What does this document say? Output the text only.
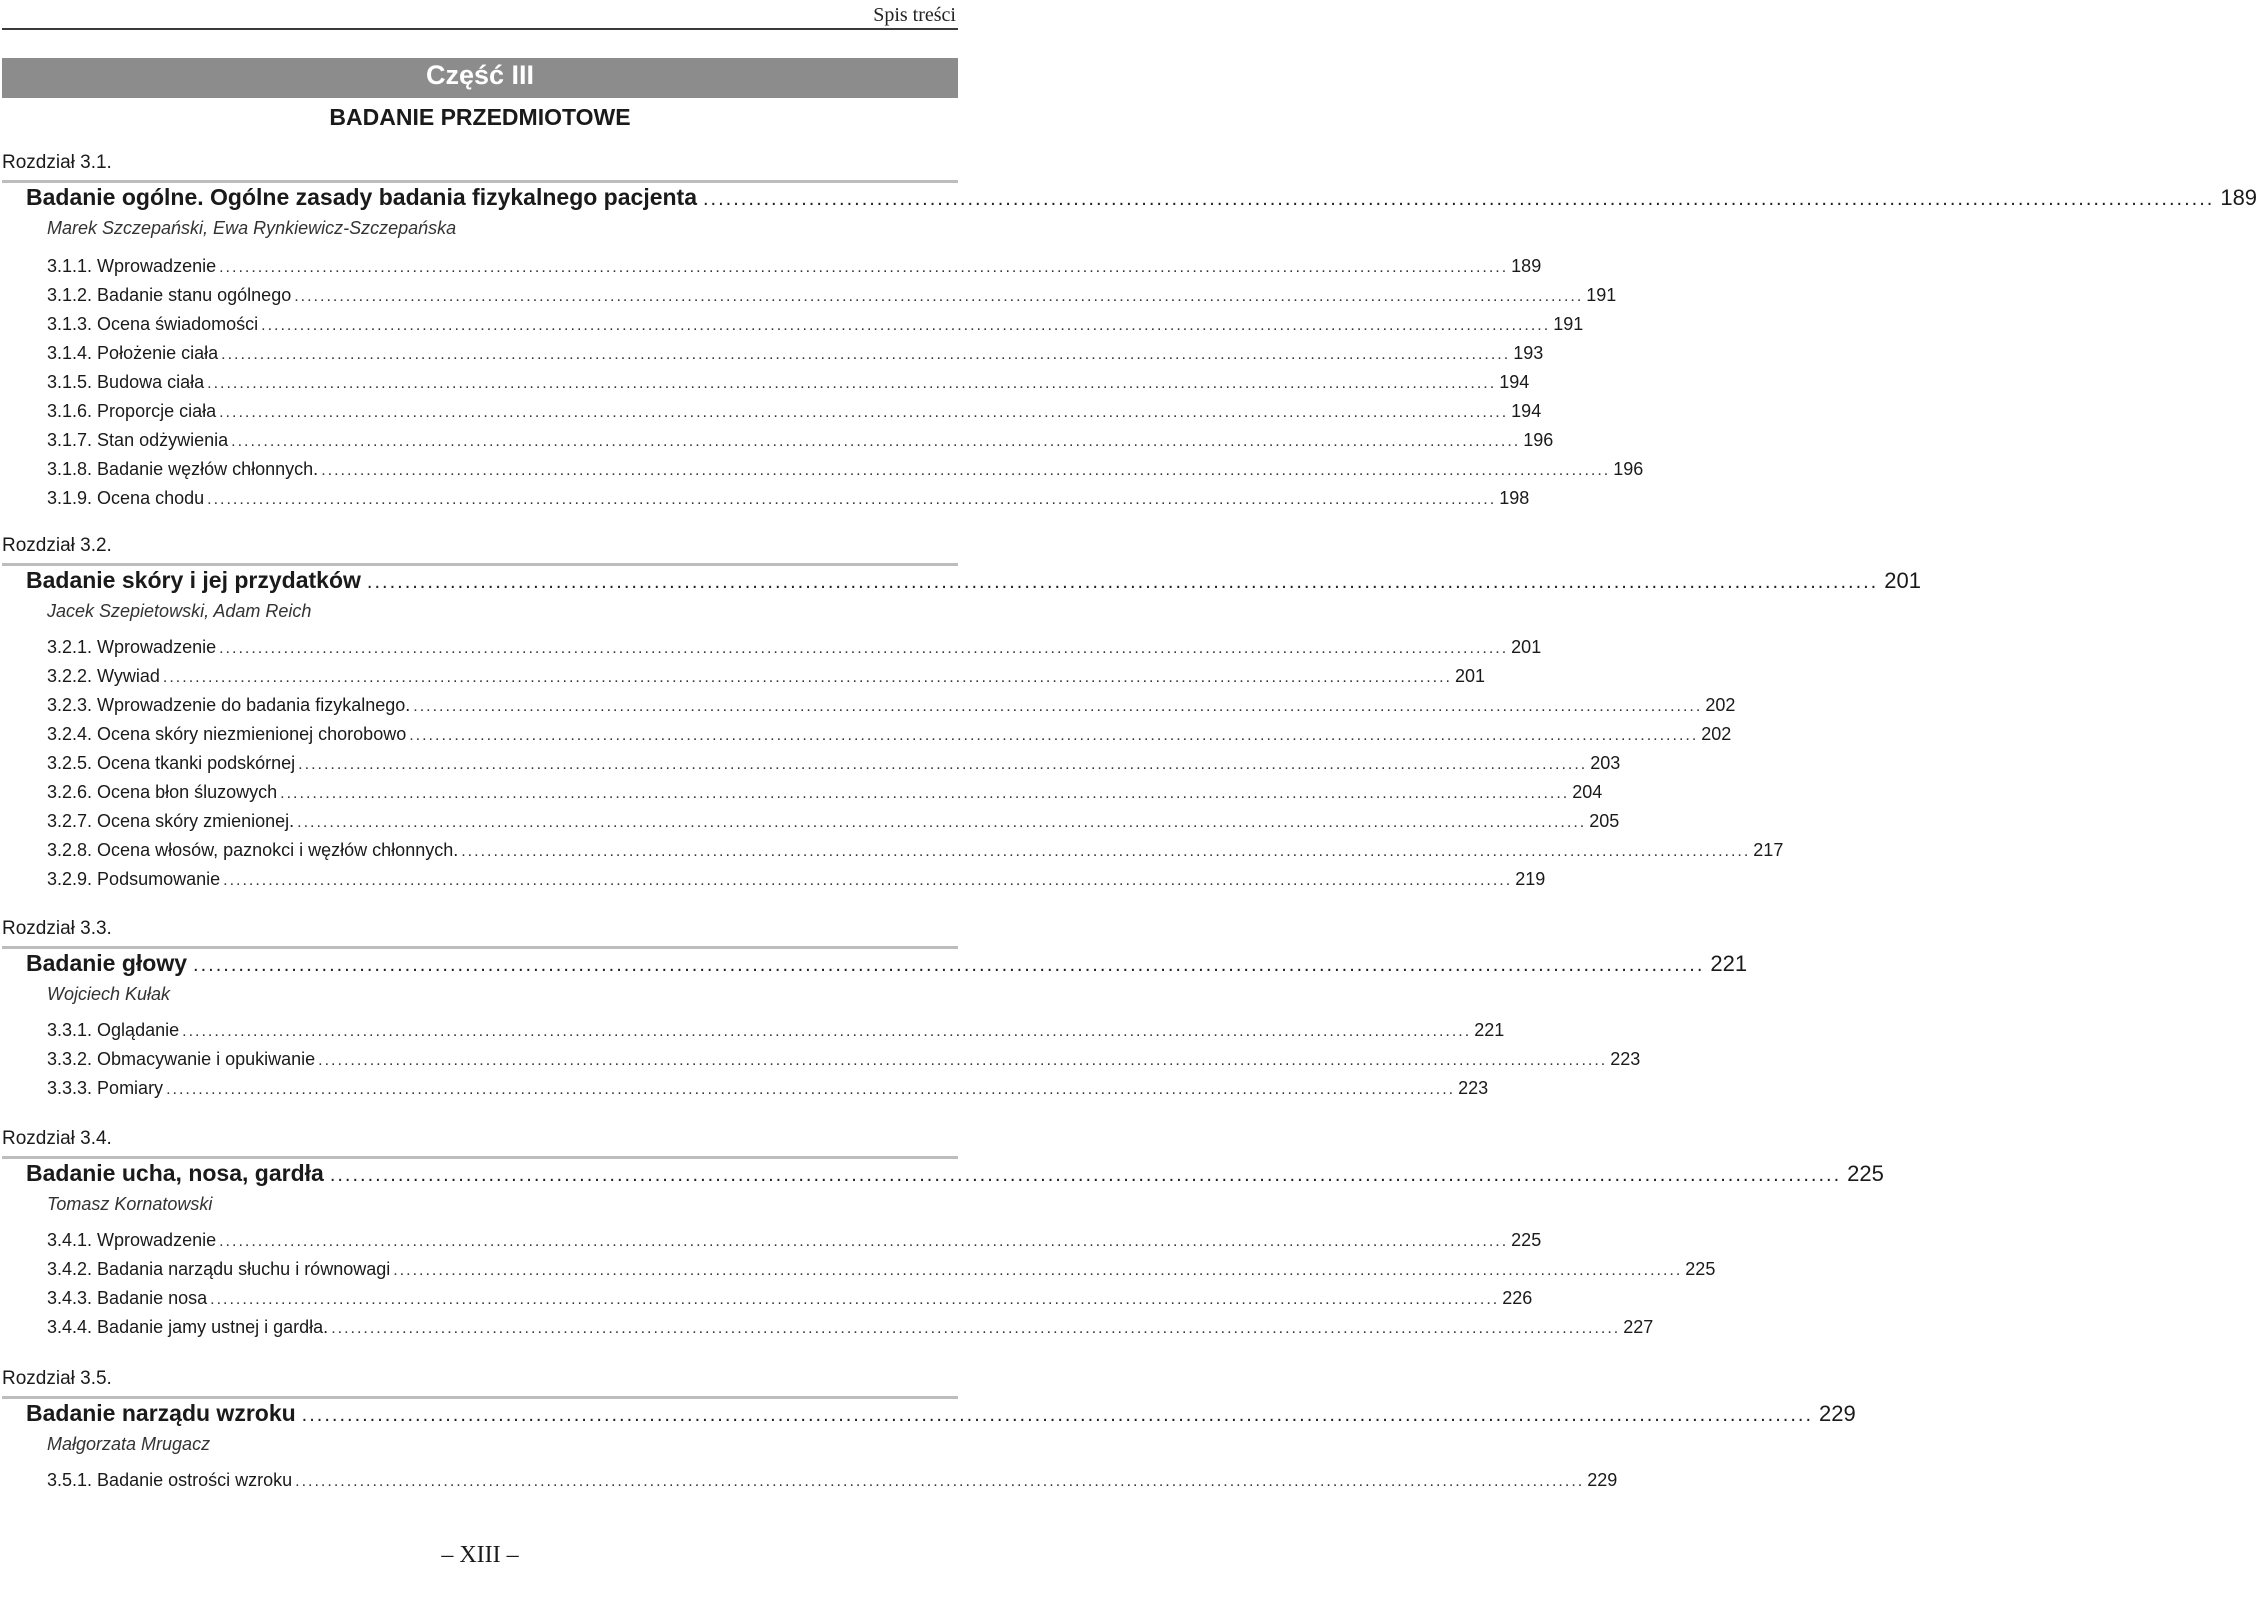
Spis treści
Część III
BADANIE PRZEDMIOTOWE
Rozdział 3.1.
Badanie ogólne. Ogólne zasady badania fizykalnego pacjenta ........................................................................................................................................................................................................ 189
Marek Szczepański, Ewa Rynkiewicz-Szczepańska
3.1.1. Wprowadzenie ........................................................................................................................................................................................................ 189
3.1.2. Badanie stanu ogólnego ........................................................................................................................................................................................................ 191
3.1.3. Ocena świadomości ........................................................................................................................................................................................................ 191
3.1.4. Położenie ciała ........................................................................................................................................................................................................ 193
3.1.5. Budowa ciała ........................................................................................................................................................................................................ 194
3.1.6. Proporcje ciała ........................................................................................................................................................................................................ 194
3.1.7. Stan odżywienia ........................................................................................................................................................................................................ 196
3.1.8. Badanie węzłów chłonnych. ........................................................................................................................................................................................................ 196
3.1.9. Ocena chodu ........................................................................................................................................................................................................ 198
Rozdział 3.2.
Badanie skóry i jej przydatków ........................................................................................................................................................................................................ 201
Jacek Szepietowski, Adam Reich
3.2.1. Wprowadzenie ........................................................................................................................................................................................................ 201
3.2.2. Wywiad ........................................................................................................................................................................................................ 201
3.2.3. Wprowadzenie do badania fizykalnego. ........................................................................................................................................................................................................ 202
3.2.4. Ocena skóry niezmienionej chorobowo ........................................................................................................................................................................................................ 202
3.2.5. Ocena tkanki podskórnej ........................................................................................................................................................................................................ 203
3.2.6. Ocena błon śluzowych ........................................................................................................................................................................................................ 204
3.2.7. Ocena skóry zmienionej. ........................................................................................................................................................................................................ 205
3.2.8. Ocena włosów, paznokci i węzłów chłonnych. ........................................................................................................................................................................................................ 217
3.2.9. Podsumowanie ........................................................................................................................................................................................................ 219
Rozdział 3.3.
Badanie głowy ........................................................................................................................................................................................................ 221
Wojciech Kułak
3.3.1. Oglądanie ........................................................................................................................................................................................................ 221
3.3.2. Obmacywanie i opukiwanie ........................................................................................................................................................................................................ 223
3.3.3. Pomiary ........................................................................................................................................................................................................ 223
Rozdział 3.4.
Badanie ucha, nosa, gardła ........................................................................................................................................................................................................ 225
Tomasz Kornatowski
3.4.1. Wprowadzenie ........................................................................................................................................................................................................ 225
3.4.2. Badania narządu słuchu i równowagi ........................................................................................................................................................................................................ 225
3.4.3. Badanie nosa ........................................................................................................................................................................................................ 226
3.4.4. Badanie jamy ustnej i gardła. ........................................................................................................................................................................................................ 227
Rozdział 3.5.
Badanie narządu wzroku ........................................................................................................................................................................................................ 229
Małgorzata Mrugacz
3.5.1. Badanie ostrości wzroku ........................................................................................................................................................................................................ 229
– XIII –
